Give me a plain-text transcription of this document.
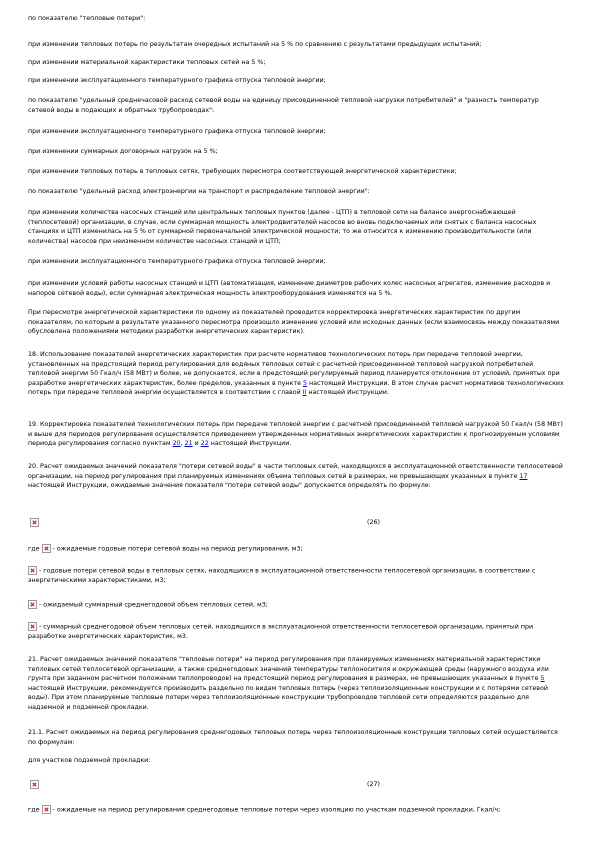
по показателю "тепловые потери":
при изменении тепловых потерь по результатам очередных испытаний на 5 % по сравнению с результатами предыдущих испытаний;
при изменении материальной характеристики тепловых сетей на 5 %;
при изменении эксплуатационного температурного графика отпуска тепловой энергии;
по показателю "удельный среднечасовой расход сетевой воды на единицу присоединенной тепловой нагрузки потребителей" и "разность температур сетевой воды в подающих и обратных трубопроводах":
при изменении эксплуатационного температурного графика отпуска тепловой энергии;
при изменении суммарных договорных нагрузок на 5 %;
при изменении тепловых потерь в тепловых сетях, требующих пересмотра соответствующей энергетической характеристики;
по показателю "удельный расход электроэнергии на транспорт и распределение тепловой энергии":
при изменении количества насосных станций или центральных тепловых пунктов (далее - ЦТП) в тепловой сети на балансе энергоснабжающей (теплосетевой) организации, в случае, если суммарная мощность электродвигателей насосов во вновь подключаемых или снятых с баланса насосных станциях и ЦТП изменилась на 5 % от суммарной первоначальной электрической мощности; то же относится к изменению производительности (или количества) насосов при неизменном количестве насосных станций и ЦТП;
при изменении эксплуатационного температурного графика отпуска тепловой энергии;
при изменении условий работы насосных станций и ЦТП (автоматизация, изменение диаметров рабочих колес насосных агрегатов, изменение расходов и напоров сетевой воды), если суммарная электрическая мощность электрооборудования изменяется на 5 %.
При пересмотре энергетической характеристики по одному из показателей проводится корректировка энергетических характеристик по другим показателям, по которым в результате указанного пересмотра произошло изменение условий или исходных данных (если взаимосвязь между показателями обусловлена положениями методики разработки энергетических характеристик).
18. Использование показателей энергетических характеристик при расчете нормативов технологических потерь при передаче тепловой энергии, установленных на предстоящий период регулирования для водяных тепловых сетей с расчетной присоединенной тепловой нагрузкой потребителей тепловой энергии 50 Гкал/ч (58 МВт) и более, не допускается, если в предстоящий регулируемый период планируется отклонение от условий, принятых при разработке энергетических характеристик, более пределов, указанных в пункте 5 настоящей Инструкции. В этом случае расчет нормативов технологических потерь при передаче тепловой энергии осуществляется в соответствии с главой II настоящей Инструкции.
19. Корректировка показателей технологических потерь при передаче тепловой энергии с расчетной присоединенной тепловой нагрузкой 50 Гкал/ч (58 МВт) и выше для периодов регулирования осуществляется приведением утвержденных нормативных энергетических характеристик к прогнозируемым условиям периода регулирования согласно пунктам 20, 21 и 22 настоящей Инструкции.
20. Расчет ожидаемых значений показателя "потери сетевой воды" в части тепловых сетей, находящихся в эксплуатационной ответственности теплосетевой организации, на период регулирования при планируемых изменениях объема тепловых сетей в размерах, не превышающих указанных в пункте 17 настоящей Инструкции, ожидаемые значения показателя "потери сетевой воды" допускается определять по формуле:
(26)
где  - ожидаемые годовые потери сетевой воды на период регулирования, м3;
- годовые потери сетевой воды в тепловых сетях, находящихся в эксплуатационной ответственности теплосетевой организации, в соответствии с энергетическими характеристиками, м3;
- ожидаемый суммарный среднегодовой объем тепловых сетей, м3;
- суммарный среднегодовой объем тепловых сетей, находящихся в эксплуатационной ответственности теплосетевой организации, принятый при разработке энергетических характеристик, м3.
21. Расчет ожидаемых значений показателя "тепловые потери" на период регулирования при планируемых изменениях материальной характеристики тепловых сетей теплосетевой организации, а также среднегодовых значений температуры теплоносителя и окружающей среды (наружного воздуха или грунта при заданном расчетном положении теплопроводов) на предстоящий период регулирования в размерах, не превышающих указанных в пункте 5 настоящей Инструкции, рекомендуется производить раздельно по видам тепловых потерь (через теплоизоляционные конструкции и с потерями сетевой воды). При этом планируемые тепловые потери через теплоизоляционные конструкции трубопроводов тепловой сети определяются раздельно для надземной и подземной прокладки.
21.1. Расчет ожидаемых на период регулирования среднегодовых тепловых потерь через теплоизоляционные конструкции тепловых сетей осуществляется по формулам:
для участков подземной прокладки:
(27)
где  - ожидаемые на период регулирования среднегодовые тепловые потери через изоляцию по участкам подземной прокладки, Гкал/ч;
